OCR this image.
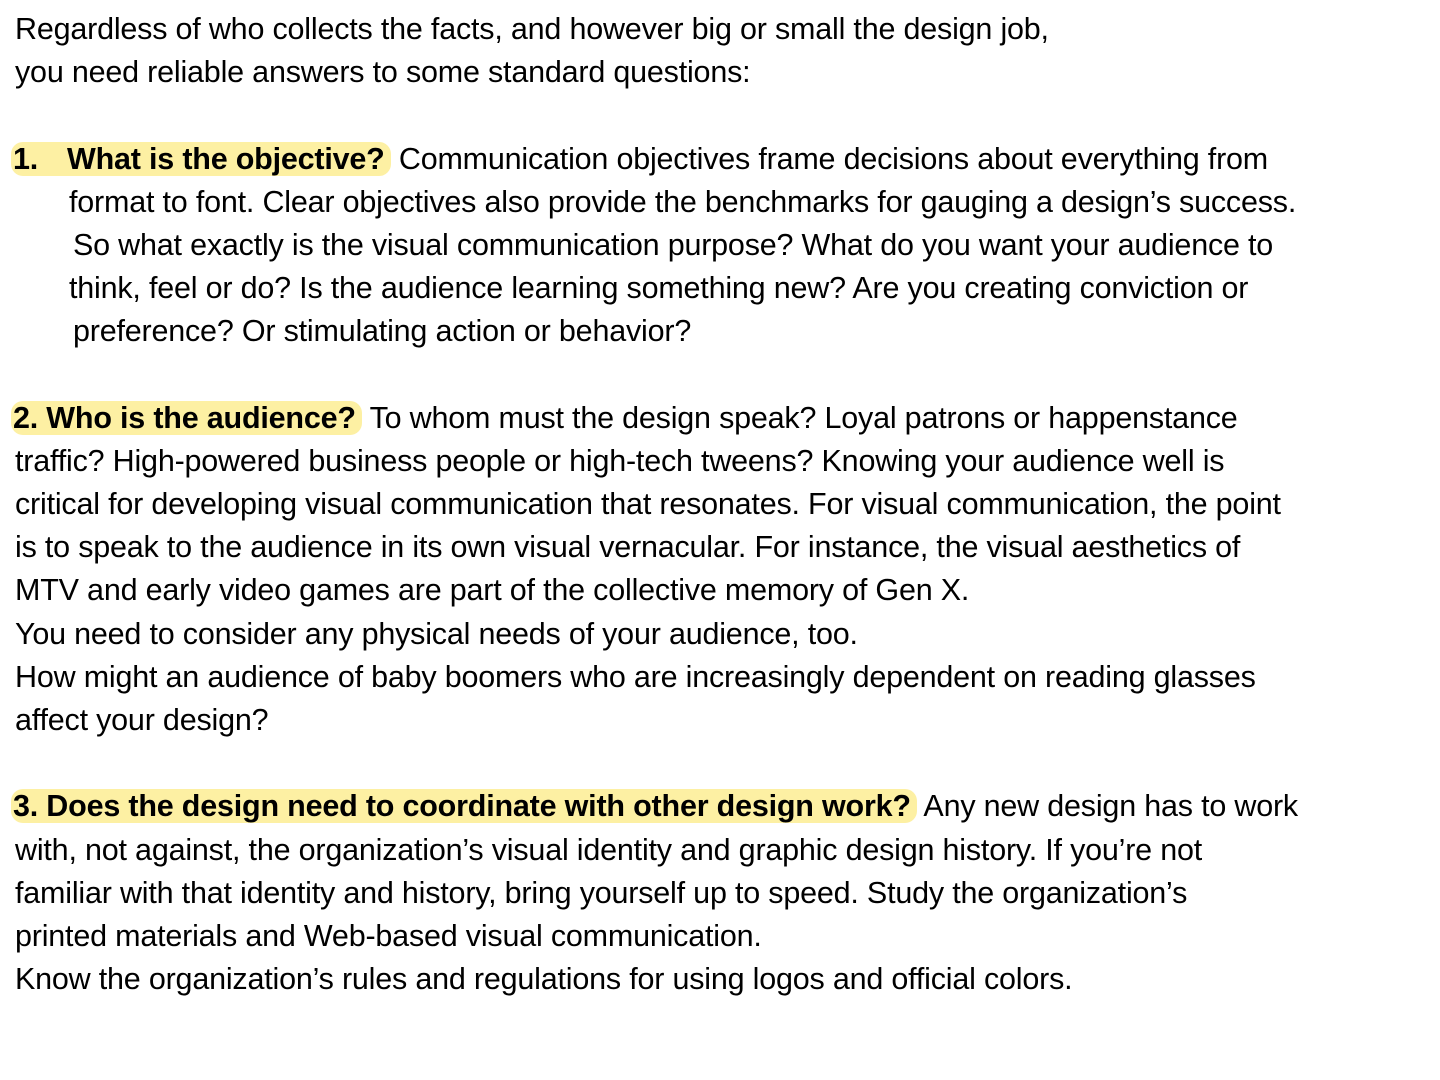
Regardless of who collects the facts, and however big or small the design job,
you need reliable answers to some standard questions:
1. What is the objective? Communication objectives frame decisions about everything from
format to font. Clear objectives also provide the benchmarks for gauging a design’s success.
So what exactly is the visual communication purpose? What do you want your audience to
think, feel or do? Is the audience learning something new? Are you creating conviction or
preference? Or stimulating action or behavior?
2. Who is the audience? To whom must the design speak? Loyal patrons or happenstance
traffic? High-powered business people or high-tech tweens? Knowing your audience well is
critical for developing visual communication that resonates. For visual communication, the point
is to speak to the audience in its own visual vernacular. For instance, the visual aesthetics of
MTV and early video games are part of the collective memory of Gen X.
You need to consider any physical needs of your audience, too.
How might an audience of baby boomers who are increasingly dependent on reading glasses
affect your design?
3. Does the design need to coordinate with other design work? Any new design has to work
with, not against, the organization’s visual identity and graphic design history. If you’re not
familiar with that identity and history, bring yourself up to speed. Study the organization’s
printed materials and Web-based visual communication.
Know the organization’s rules and regulations for using logos and official colors.
